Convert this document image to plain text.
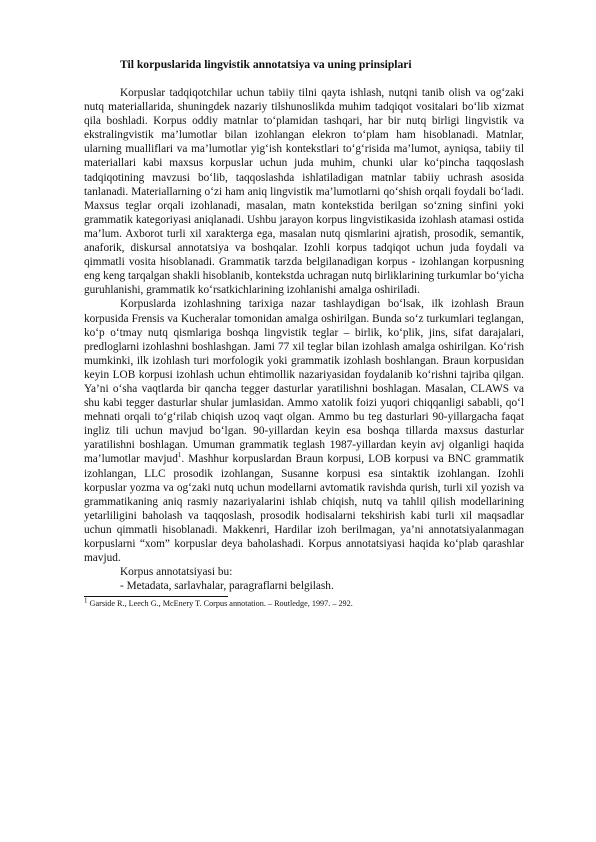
Til korpuslarida lingvistik annotatsiya va uning prinsiplari

Korpuslar tadqiqotchilar uchun tabiiy tilni qayta ishlash, nutqni tanib olish va og‘zaki nutq materiallarida, shuningdek nazariy tilshunoslikda muhim tadqiqot vositalari bo‘lib xizmat qila boshladi. Korpus oddiy matnlar to‘plamidan tashqari, har bir nutq birligi lingvistik va ekstralingvistik ma’lumotlar bilan izohlangan elekron to‘plam ham hisoblanadi. Matnlar, ularning mualliflari va ma’lumotlar yig‘ish kontekstlari to‘g‘risida ma’lumot, ayniqsa, tabiiy til materiallari kabi maxsus korpuslar uchun juda muhim, chunki ular ko‘pincha taqqoslash tadqiqotining mavzusi bo‘lib, taqqoslashda ishlatiladigan matnlar tabiiy uchrash asosida tanlanadi. Materiallarning o‘zi ham aniq lingvistik ma’lumotlarni qo‘shish orqali foydali bo‘ladi. Maxsus teglar orqali izohlanadi, masalan, matn kontekstida berilgan so‘zning sinfini yoki grammatik kategoriyasi aniqlanadi. Ushbu jarayon korpus lingvistikasida izohlash atamasi ostida ma’lum. Axborot turli xil xarakterga ega, masalan nutq qismlarini ajratish, prosodik, semantik, anaforik, diskursal annotatsiya va boshqalar. Izohli korpus tadqiqot uchun juda foydali va qimmatli vosita hisoblanadi. Grammatik tarzda belgilanadigan korpus - izohlangan korpusning eng keng tarqalgan shakli hisoblanib, kontekstda uchragan nutq birliklarining turkumlar bo‘yicha guruhlanishi, grammatik ko‘rsatkichlarining izohlanishi amalga oshiriladi.

Korpuslarda izohlashning tarixiga nazar tashlaydigan bo‘lsak, ilk izohlash Braun korpusida Frensis va Kucheralar tomonidan amalga oshirilgan. Bunda so‘z turkumlari teglangan, ko‘p o‘tmay nutq qismlariga boshqa lingvistik teglar – birlik, ko‘plik, jins, sifat darajalari, predloglarni izohlashni boshlashgan. Jami 77 xil teglar bilan izohlash amalga oshirilgan. Ko‘rish mumkinki, ilk izohlash turi morfologik yoki grammatik izohlash boshlangan. Braun korpusidan keyin LOB korpusi izohlash uchun ehtimollik nazariyasidan foydalanib ko‘rishni tajriba qilgan. Ya’ni o‘sha vaqtlarda bir qancha tegger dasturlar yaratilishni boshlagan. Masalan, CLAWS va shu kabi tegger dasturlar shular jumlasidan. Ammo xatolik foizi yuqori chiqqanligi sababli, qo‘l mehnati orqali to‘g‘rilab chiqish uzoq vaqt olgan. Ammo bu teg dasturlari 90-yillargacha faqat ingliz tili uchun mavjud bo‘lgan. 90-yillardan keyin esa boshqa tillarda maxsus dasturlar yaratilishni boshlagan. Umuman grammatik teglash 1987-yillardan keyin avj olganligi haqida ma’lumotlar mavjud$^1$. Mashhur korpuslardan Braun korpusi, LOB korpusi va BNC grammatik izohlangan, LLC prosodik izohlangan, Susanne korpusi esa sintaktik izohlangan. Izohli korpuslar yozma va og‘zaki nutq uchun modellarni avtomatik ravishda qurish, turli xil yozish va grammatikaning aniq rasmiy nazariyalarini ishlab chiqish, nutq va tahlil qilish modellarining yetarliligini baholash va taqqoslash, prosodik hodisalarni tekshirish kabi turli xil maqsadlar uchun qimmatli hisoblanadi. Makkenri, Hardilar izoh berilmagan, ya’ni annotatsiyalanmagan korpuslarni “xom” korpuslar deya baholashadi. Korpus annotatsiyasi haqida ko‘plab qarashlar mavjud.

Korpus annotatsiyasi bu:

- Metadata, sarlavhalar, paragraflarni belgilash.

$^1$ Garside R., Leech G., McEnery T. Corpus annotation. – Routledge, 1997. – 292.
